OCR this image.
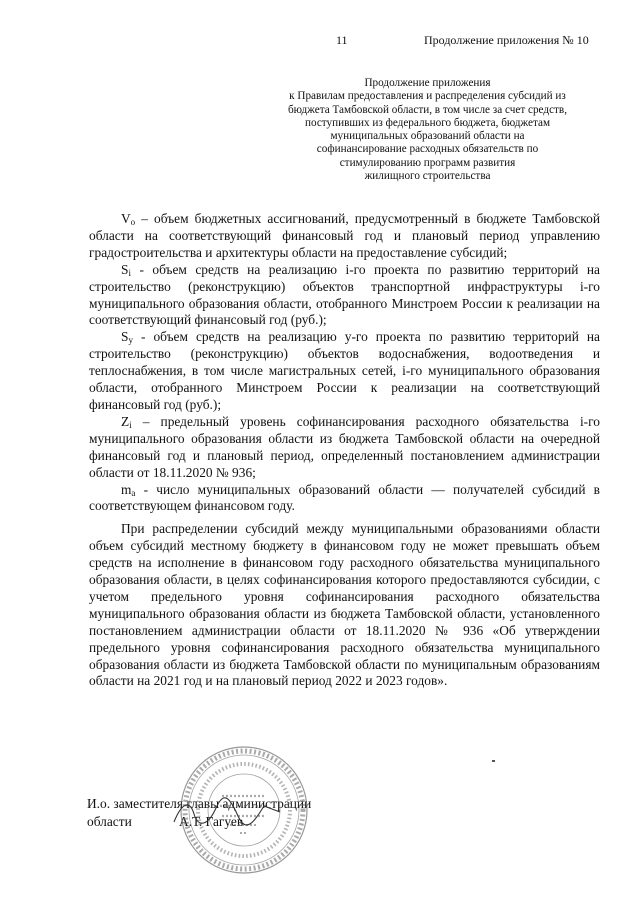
11	Продолжение приложения № 10
Продолжение приложения
к Правилам предоставления и распределения субсидий из
бюджета Тамбовской области, в том числе за счет средств,
поступивших из федерального бюджета, бюджетам
муниципальных образований области на
софинансирование расходных обязательств по
стимулированию программ развития
жилищного строительства

$V_o$ – объем бюджетных ассигнований, предусмотренный в бюджете Тамбовской области на соответствующий финансовый год и плановый период управлению градостроительства и архитектуры области на предоставление субсидий;

$S_i$ - объем средств на реализацию i-го проекта по развитию территорий на строительство (реконструкцию) объектов транспортной инфраструктуры i-го муниципального образования области, отобранного Минстроем России к реализации на соответствующий финансовый год (руб.);

$S_y$ - объем средств на реализацию у-го проекта по развитию территорий на строительство (реконструкцию) объектов водоснабжения, водоотведения и теплоснабжения, в том числе магистральных сетей, i-го муниципального образования области, отобранного Минстроем России к реализации на соответствующий финансовый год (руб.);

$Z_i$ – предельный уровень софинансирования расходного обязательства i-го муниципального образования области из бюджета Тамбовской области на очередной финансовый год и плановый период, определенный постановлением администрации области от 18.11.2020 № 936;

$m_a$ - число муниципальных образований области — получателей субсидий в соответствующем финансовом году.

При распределении субсидий между муниципальными образованиями области объем субсидий местному бюджету в финансовом году не может превышать объем средств на исполнение в финансовом году расходного обязательства муниципального образования области, в целях софинансирования которого предоставляются субсидии, с учетом предельного уровня софинансирования расходного обязательства муниципального образования области из бюджета Тамбовской области, установленного постановлением администрации области от 18.11.2020 № 936 «Об утверждении предельного уровня софинансирования расходного обязательства муниципального образования области из бюджета Тамбовской области по муниципальным образованиям области на 2021 год и на плановый период 2022 и 2023 годов».

И.о. заместителя главы администрации
области	А.Т. Гагуев
